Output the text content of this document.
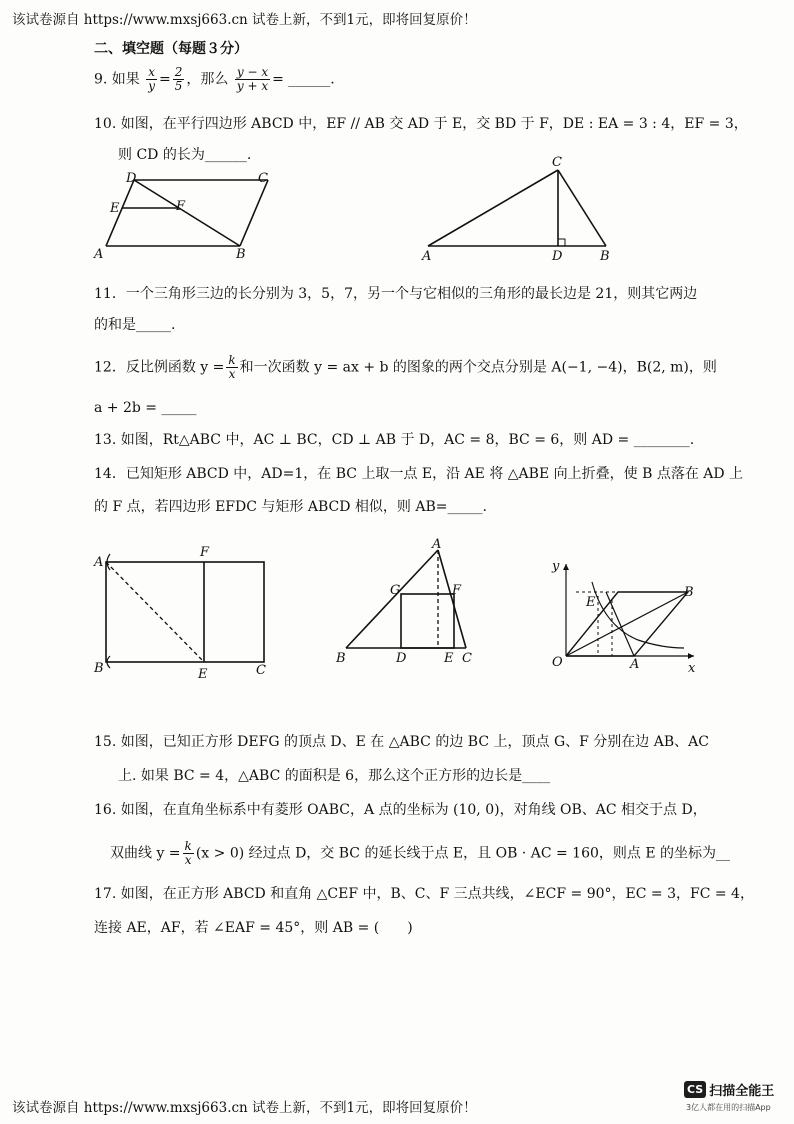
该试卷源自 https://www.mxsj663.cn 试卷上新，不到1元，即将回复原价！
二、填空题（每题３分）
9. 如果 $\frac{x}{y} = \frac{2}{5}$ ，那么 $\frac{y - x}{y + x}$ = ______.
10. 如图，在平行四边形 ABCD 中，EF // AB 交 AD 于 E，交 BD 于 F，DE : EA = 3 : 4，EF = 3，
则 CD 的长为______.
A	B
C
D
E	F
A	B
C
D
11．一个三角形三边的长分别为 3，5，7，另一个与它相似的三角形的最长边是 21，则其它两边
的和是_____.
12．反比例函数 $y = \frac{k}{x}$ 和一次函数 y = ax + b 的图象的两个交点分别是 A(−1, −4)，B(2, m)，则
a + 2b = _____
13. 如图，Rt△ABC 中，AC ⊥ BC，CD ⊥ AB 于 D，AC = 8，BC = 6，则 AD = ________.
14．已知矩形 ABCD 中，AD=1，在 BC 上取一点 E，沿 AE 将 △ABE 向上折叠，使 B 点落在 AD 上
的 F 点，若四边形 EFDC 与矩形 ABCD 相似，则 AB=_____.
A
B	C
E
F
B	D	E C
G	F
A
y
x
O	A
B
E
15. 如图，已知正方形 DEFG 的顶点 D、E 在 △ABC 的边 BC 上，顶点 G、F 分别在边 AB、AC
上. 如果 BC = 4，△ABC 的面积是 6，那么这个正方形的边长是____
16. 如图，在直角坐标系中有菱形 OABC，A 点的坐标为 (10, 0)，对角线 OB、AC 相交于点 D，
双曲线 $y = \frac{k}{x} (x > 0)$ 经过点 D，交 BC 的延长线于点 E，且 OB · AC = 160，则点 E 的坐标为__
17. 如图，在正方形 ABCD 和直角 △CEF 中，B、C、F 三点共线，∠ECF = 90°，EC = 3，FC = 4，
连接 AE，AF，若 ∠EAF = 45°，则 AB = (　　)
该试卷源自 https://www.mxsj663.cn 试卷上新，不到1元，即将回复原价！
CS 扫描全能王
3亿人都在用的扫描App
